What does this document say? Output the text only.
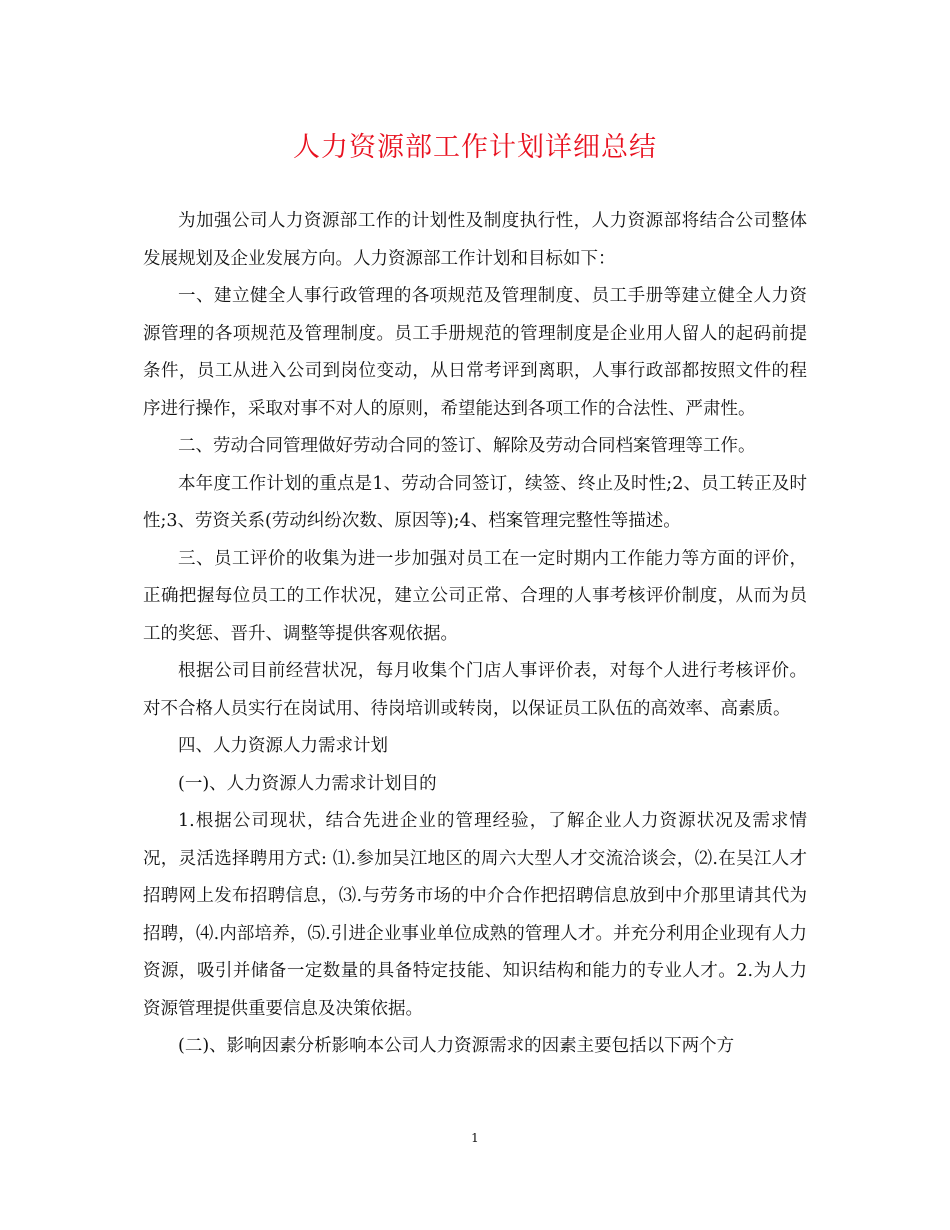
人力资源部工作计划详细总结

为加强公司人力资源部工作的计划性及制度执行性，人力资源部将结合公司整体发展规划及企业发展方向。人力资源部工作计划和目标如下：

一、建立健全人事行政管理的各项规范及管理制度、员工手册等建立健全人力资源管理的各项规范及管理制度。员工手册规范的管理制度是企业用人留人的起码前提条件，员工从进入公司到岗位变动，从日常考评到离职，人事行政部都按照文件的程序进行操作，采取对事不对人的原则，希望能达到各项工作的合法性、严肃性。

二、劳动合同管理做好劳动合同的签订、解除及劳动合同档案管理等工作。

本年度工作计划的重点是1、劳动合同签订，续签、终止及时性;2、员工转正及时性;3、劳资关系(劳动纠纷次数、原因等);4、档案管理完整性等描述。

三、员工评价的收集为进一步加强对员工在一定时期内工作能力等方面的评价，正确把握每位员工的工作状况，建立公司正常、合理的人事考核评价制度，从而为员工的奖惩、晋升、调整等提供客观依据。

根据公司目前经营状况，每月收集个门店人事评价表，对每个人进行考核评价。对不合格人员实行在岗试用、待岗培训或转岗，以保证员工队伍的高效率、高素质。

四、人力资源人力需求计划

(一)、人力资源人力需求计划目的

1.根据公司现状，结合先进企业的管理经验，了解企业人力资源状况及需求情况，灵活选择聘用方式: ⑴.参加吴江地区的周六大型人才交流洽谈会，⑵.在吴江人才招聘网上发布招聘信息，⑶.与劳务市场的中介合作把招聘信息放到中介那里请其代为招聘，⑷.内部培养，⑸.引进企业事业单位成熟的管理人才。并充分利用企业现有人力资源，吸引并储备一定数量的具备特定技能、知识结构和能力的专业人才。2.为人力资源管理提供重要信息及决策依据。

(二)、影响因素分析影响本公司人力资源需求的因素主要包括以下两个方

1
